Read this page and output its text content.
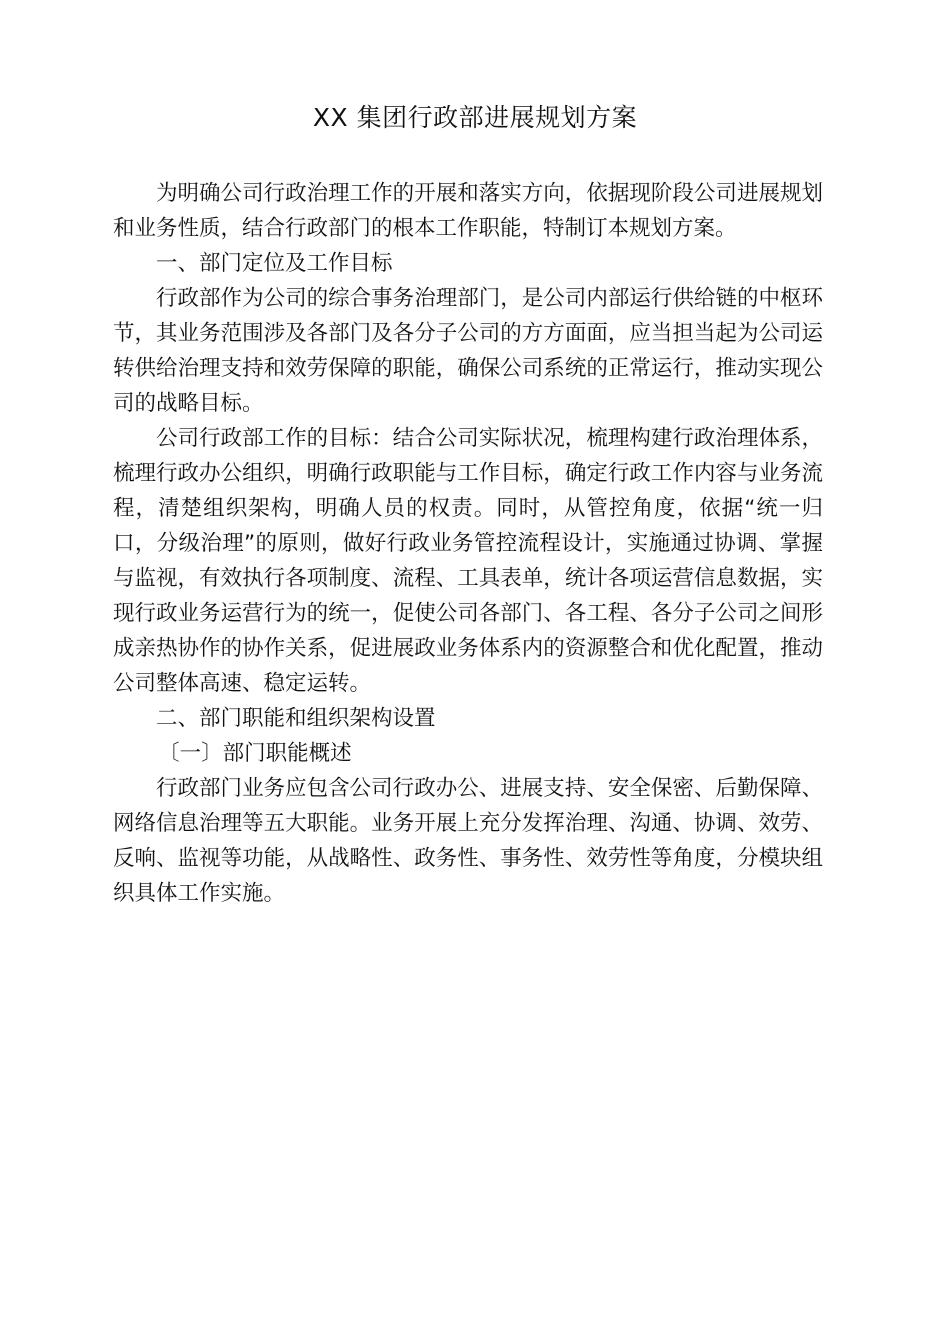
XX 集团行政部进展规划方案

为明确公司行政治理工作的开展和落实方向，依据现阶段公司进展规划和业务性质，结合行政部门的根本工作职能，特制订本规划方案。

一、部门定位及工作目标

行政部作为公司的综合事务治理部门，是公司内部运行供给链的中枢环节，其业务范围涉及各部门及各分子公司的方方面面，应当担当起为公司运转供给治理支持和效劳保障的职能，确保公司系统的正常运行，推动实现公司的战略目标。

公司行政部工作的目标：结合公司实际状况，梳理构建行政治理体系，梳理行政办公组织，明确行政职能与工作目标，确定行政工作内容与业务流程，清楚组织架构，明确人员的权责。同时，从管控角度，依据“统一归口，分级治理”的原则，做好行政业务管控流程设计，实施通过协调、掌握与监视，有效执行各项制度、流程、工具表单，统计各项运营信息数据，实现行政业务运营行为的统一，促使公司各部门、各工程、各分子公司之间形成亲热协作的协作关系，促进展政业务体系内的资源整合和优化配置，推动公司整体高速、稳定运转。

二、部门职能和组织架构设置

〔一〕部门职能概述

行政部门业务应包含公司行政办公、进展支持、安全保密、后勤保障、网络信息治理等五大职能。业务开展上充分发挥治理、沟通、协调、效劳、反响、监视等功能，从战略性、政务性、事务性、效劳性等角度，分模块组织具体工作实施。
